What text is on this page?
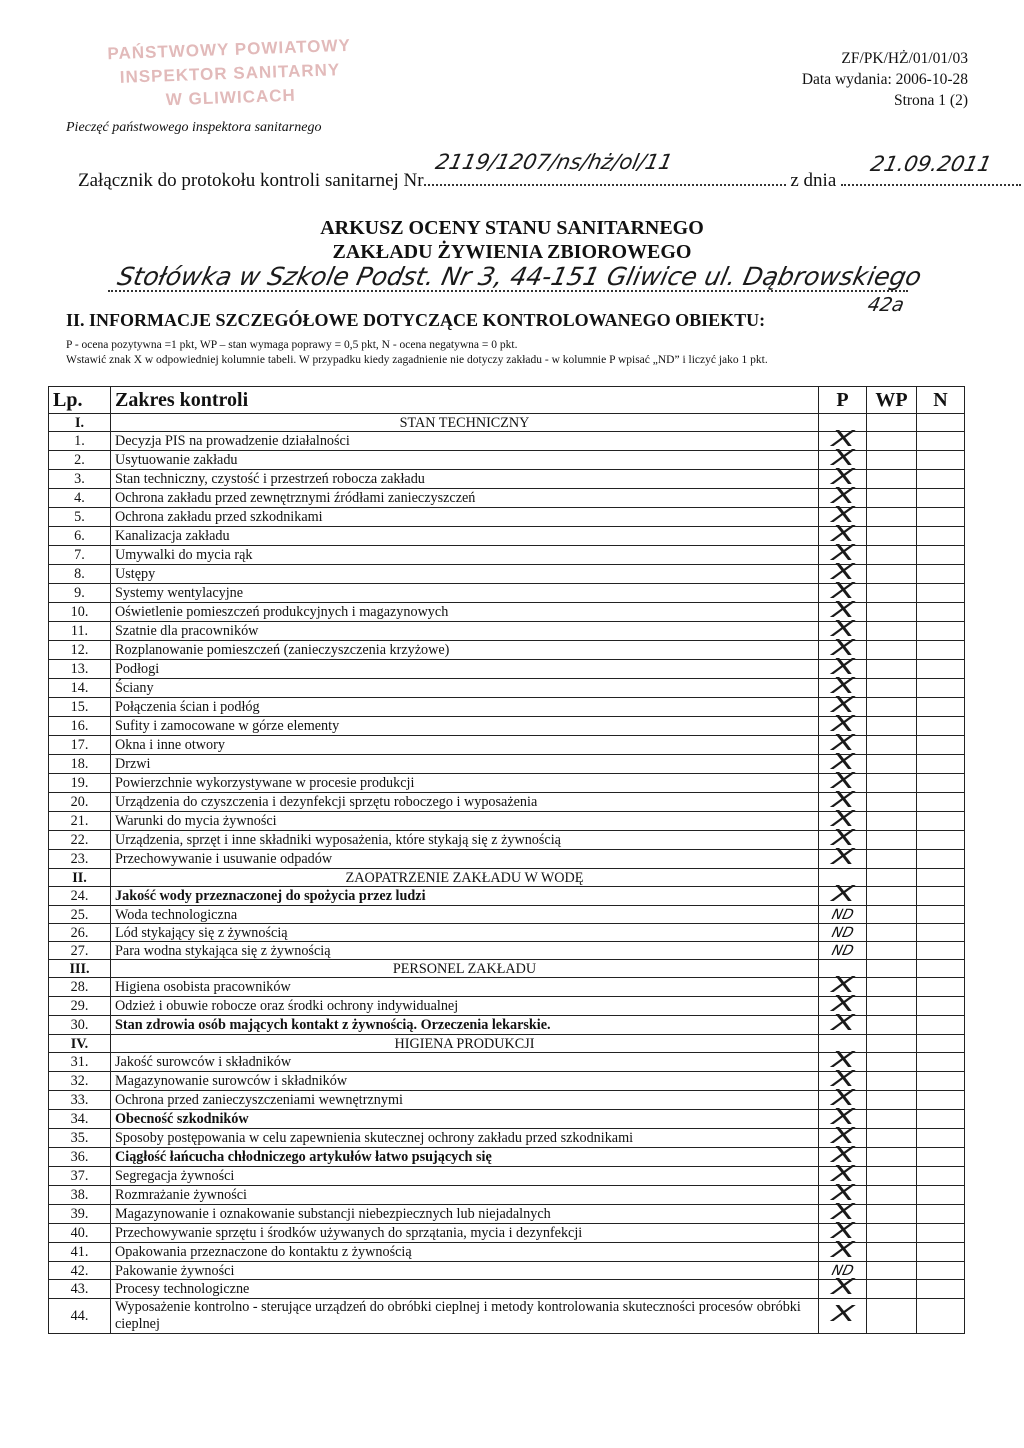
PAŃSTWOWY POWIATOWY
INSPEKTOR SANITARNY
W GLIWICACH
Pieczęć państwowego inspektora sanitarnego
ZF/PK/HŻ/01/01/03
Data wydania: 2006-10-28
Strona 1 (2)
Załącznik do protokołu kontroli sanitarnej Nr
2119/1207/ns/hż/ol/11
z dnia
21.09.2011
ARKUSZ OCENY STANU SANITARNEGO
ZAKŁADU ŻYWIENIA ZBIOROWEGO
Stołówka w Szkole Podst. Nr 3, 44-151 Gliwice ul. Dąbrowskiego
42a
II. INFORMACJE SZCZEGÓŁOWE DOTYCZĄCE KONTROLOWANEGO OBIEKTU:
P - ocena pozytywna =1 pkt, WP – stan wymaga poprawy = 0,5 pkt, N - ocena negatywna = 0 pkt.
Wstawić znak X w odpowiedniej kolumnie tabeli. W przypadku kiedy zagadnienie nie dotyczy zakładu - w kolumnie P wpisać „ND” i liczyć jako 1 pkt.
Lp.	Zakres kontroli	P	WP	N
I.	STAN TECHNICZNY			
1.	Decyzja PIS na prowadzenie działalności	X		
2.	Usytuowanie zakładu	X		
3.	Stan techniczny, czystość i przestrzeń robocza zakładu	X		
4.	Ochrona zakładu przed zewnętrznymi źródłami zanieczyszczeń	X		
5.	Ochrona zakładu przed szkodnikami	X		
6.	Kanalizacja zakładu	X		
7.	Umywalki do mycia rąk	X		
8.	Ustępy	X		
9.	Systemy wentylacyjne	X		
10.	Oświetlenie pomieszczeń produkcyjnych i magazynowych	X		
11.	Szatnie dla pracowników	X		
12.	Rozplanowanie pomieszczeń (zanieczyszczenia krzyżowe)	X		
13.	Podłogi	X		
14.	Ściany	X		
15.	Połączenia ścian i podłóg	X		
16.	Sufity i zamocowane w górze elementy	X		
17.	Okna i inne otwory	X		
18.	Drzwi	X		
19.	Powierzchnie wykorzystywane w procesie produkcji	X		
20.	Urządzenia do czyszczenia i dezynfekcji sprzętu roboczego i wyposażenia	X		
21.	Warunki do mycia żywności	X		
22.	Urządzenia, sprzęt i inne składniki wyposażenia, które stykają się z żywnością	X		
23.	Przechowywanie i usuwanie odpadów	X		
II.	ZAOPATRZENIE ZAKŁADU W WODĘ			
24.	Jakość wody przeznaczonej do spożycia przez ludzi	X		
25.	Woda technologiczna	ND		
26.	Lód stykający się z żywnością	ND		
27.	Para wodna stykająca się z żywnością	ND		
III.	PERSONEL ZAKŁADU			
28.	Higiena osobista pracowników	X		
29.	Odzież i obuwie robocze oraz środki ochrony indywidualnej	X		
30.	Stan zdrowia osób mających kontakt z żywnością. Orzeczenia lekarskie.	X		
IV.	HIGIENA PRODUKCJI			
31.	Jakość surowców i składników	X		
32.	Magazynowanie surowców i składników	X		
33.	Ochrona przed zanieczyszczeniami wewnętrznymi	X		
34.	Obecność szkodników	X		
35.	Sposoby postępowania w celu zapewnienia skutecznej ochrony zakładu przed szkodnikami	X		
36.	Ciągłość łańcucha chłodniczego artykułów łatwo psujących się	X		
37.	Segregacja żywności	X		
38.	Rozmrażanie żywności	X		
39.	Magazynowanie i oznakowanie substancji niebezpiecznych lub niejadalnych	X		
40.	Przechowywanie sprzętu i środków używanych do sprzątania, mycia i dezynfekcji	X		
41.	Opakowania przeznaczone do kontaktu z żywnością	X		
42.	Pakowanie żywności	ND		
43.	Procesy technologiczne	X		
44.	Wyposażenie kontrolno - sterujące urządzeń do obróbki cieplnej i metody kontrolowania skuteczności procesów obróbki cieplnej	X		
